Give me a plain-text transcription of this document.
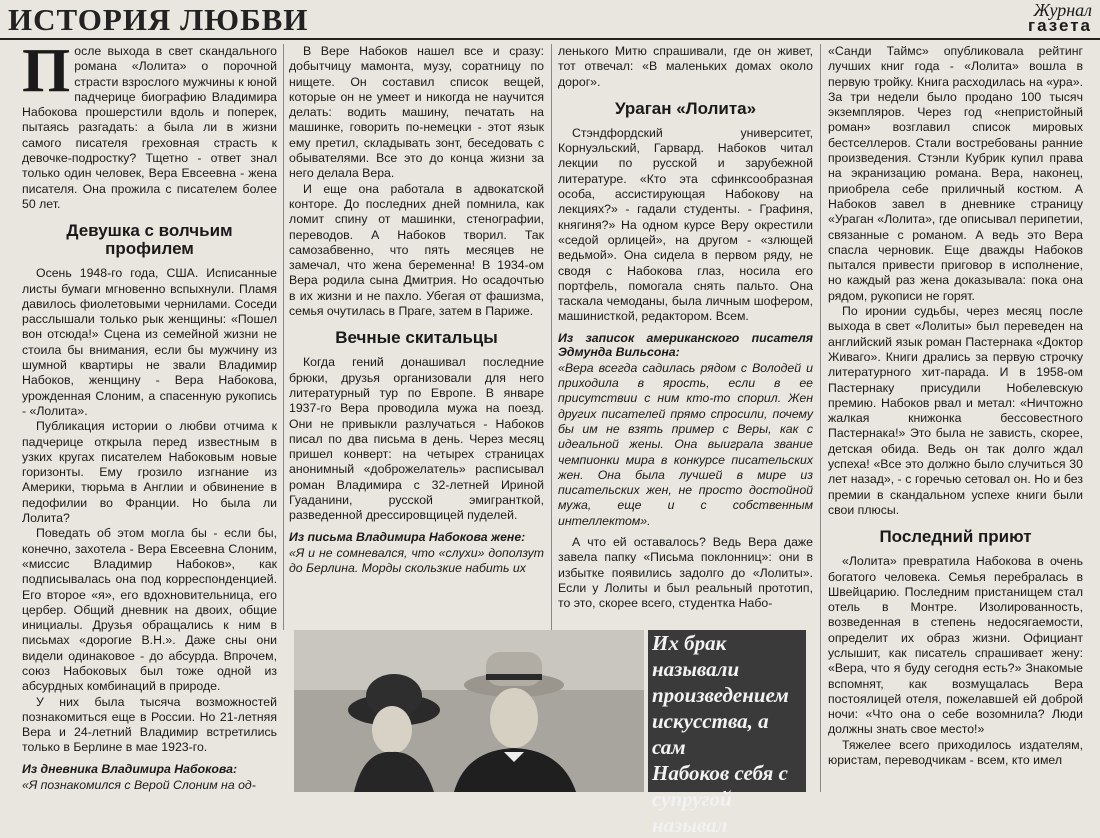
ИСТОРИЯ ЛЮБВИ	Журнал
газета

После выхода в свет скандального романа «Лолита» о порочной страсти взрослого мужчины к юной падчерице биографию Владимира Набокова прошерстили вдоль и поперек, пытаясь разгадать: а была ли в жизни самого писателя греховная страсть к девочке-подростку? Тщетно - ответ знал только один человек, Вера Евсеевна - жена писателя. Она прожила с писателем более 50 лет.

Девушка с волчьим профилем

Осень 1948-го года, США. Исписанные листы бумаги мгновенно вспыхнули. Пламя давилось фиолетовыми чернилами. Соседи расслышали только рык женщины: «Пошел вон отсюда!» Сцена из семейной жизни не стоила бы внимания, если бы мужчину из шумной квартиры не звали Владимир Набоков, женщину - Вера Набокова, урожденная Слоним, а спасенную рукопись - «Лолита».

Публикация истории о любви отчима к падчерице открыла перед известным в узких кругах писателем Набоковым новые горизонты. Ему грозило изгнание из Америки, тюрьма в Англии и обвинение в педофилии во Франции. Но была ли Лолита?

Поведать об этом могла бы - если бы, конечно, захотела - Вера Евсеевна Слоним, «миссис Владимир Набоков», как подписывалась она под корреспонденцией. Его второе «я», его вдохновительница, его цербер. Общий дневник на двоих, общие инициалы. Друзья обращались к ним в письмах «дорогие В.Н.». Даже сны они видели одинаковое - до абсурда. Впрочем, союз Набоковых был тоже одной из абсурдных комбинаций в природе.

У них была тысяча возможностей познакомиться еще в России. Но 21-летняя Вера и 24-летний Владимир встретились только в Берлине в мае 1923-го.

Из дневника Владимира Набокова:

«Я познакомился с Верой Слоним на од-

В Вере Набоков нашел все и сразу: добытчицу мамонта, музу, соратницу по нищете. Он составил список вещей, которые он не умеет и никогда не научится делать: водить машину, печатать на машинке, говорить по-немецки - этот язык ему претил, складывать зонт, беседовать с обывателями. Все это до конца жизни за него делала Вера.

И еще она работала в адвокатской конторе. До последних дней помнила, как ломит спину от машинки, стенографии, переводов. А Набоков творил. Так самозабвенно, что пять месяцев не замечал, что жена беременна! В 1934-ом Вера родила сына Дмитрия. Но осадочтью в их жизни и не пахло. Убегая от фашизма, семья очутилась в Праге, затем в Париже.

Вечные скитальцы

Когда гений донашивал последние брюки, друзья организовали для него литературный тур по Европе. В январе 1937-го Вера проводила мужа на поезд. Они не привыкли разлучаться - Набоков писал по два письма в день. Через месяц пришел конверт: на четырех страницах анонимный «доброжелатель» расписывал роман Владимира с 32-летней Ириной Гуаданини, русской эмигранткой, разведенной дрессировщицей пуделей.

Из письма Владимира Набокова жене:

«Я и не сомневался, что «слухи» доползут до Берлина. Морды скользкие набить их

ленького Митю спрашивали, где он живет, тот отвечал: «В маленьких домах около дорог».

Ураган «Лолита»

Стэндфордский университет, Корнуэльский, Гарвард. Набоков читал лекции по русской и зарубежной литературе. «Кто эта сфинксообразная особа, ассистирующая Набокову на лекциях?» - гадали студенты. - Графиня, княгиня?» На одном курсе Веру окрестили «седой орлицей», на другом - «злющей ведьмой». Она сидела в первом ряду, не сводя с Набокова глаз, носила его портфель, помогала снять пальто. Она таскала чемоданы, была личным шофером, машинисткой, редактором. Всем.

Из записок американского писателя Эдмунда Вильсона:

«Вера всегда садилась рядом с Володей и приходила в ярость, если в ее присутствии с ним кто-то спорил. Жен других писателей прямо спросили, почему бы им не взять пример с Веры, как с идеальной жены. Она выиграла звание чемпионки мира в конкурсе писательских жен. Она была лучшей в мире из писательских жен, не просто достойной мужа, еще и с собственным интеллектом».

А что ей оставалось? Ведь Вера даже завела папку «Письма поклонниц»: они в избытке появились задолго до «Лолиты». Если у Лолиты и был реальный прототип, то это, скорее всего, студентка Набо-

«Санди Таймс» опубликовала рейтинг лучших книг года - «Лолита» вошла в первую тройку. Книга расходилась на «ура». За три недели было продано 100 тысяч экземпляров. Через год «непристойный роман» возглавил список мировых бестселлеров. Стали востребованы ранние произведения. Стэнли Кубрик купил права на экранизацию романа. Вера, наконец, приобрела себе приличный костюм. А Набоков завел в дневнике страницу «Ураган «Лолита», где описывал перипетии, связанные с романом. А ведь это Вера спасла черновик. Еще дважды Набоков пытался привести приговор в исполнение, но каждый раз жена доказывала: пока она рядом, рукописи не горят.

По иронии судьбы, через месяц после выхода в свет «Лолиты» был переведен на английский язык роман Пастернака «Доктор Живаго». Книги дрались за первую строчку литературного хит-парада. И в 1958-ом Пастернаку присудили Нобелевскую премию. Набоков рвал и метал: «Ничтожно жалкая книжонка бессовестного Пастернака!» Это была не зависть, скорее, детская обида. Ведь он так долго ждал успеха! «Все это должно было случиться 30 лет назад», - с горечью сетовал он. Но и без премии в скандальном успехе книги были свои плюсы.

Последний приют

«Лолита» превратила Набокова в очень богатого человека. Семья перебралась в Швейцарию. Последним пристанищем стал отель в Монтре. Изолированность, возведенная в степень недосягаемости, определит их образ жизни. Официант услышит, как писатель спрашивает жену: «Вера, что я буду сегодня есть?» Знакомые вспомнят, как возмущалась Вера постоялицей отеля, пожелавшей ей доброй ночи: «Что она о себе возомнила? Люди должны знать свое место!»

Тяжелее всего приходилось издателям, юристам, переводчикам - всем, кто имел

Их брак
называли
произведением
искусства, а сам
Набоков себя с
супругой называл
